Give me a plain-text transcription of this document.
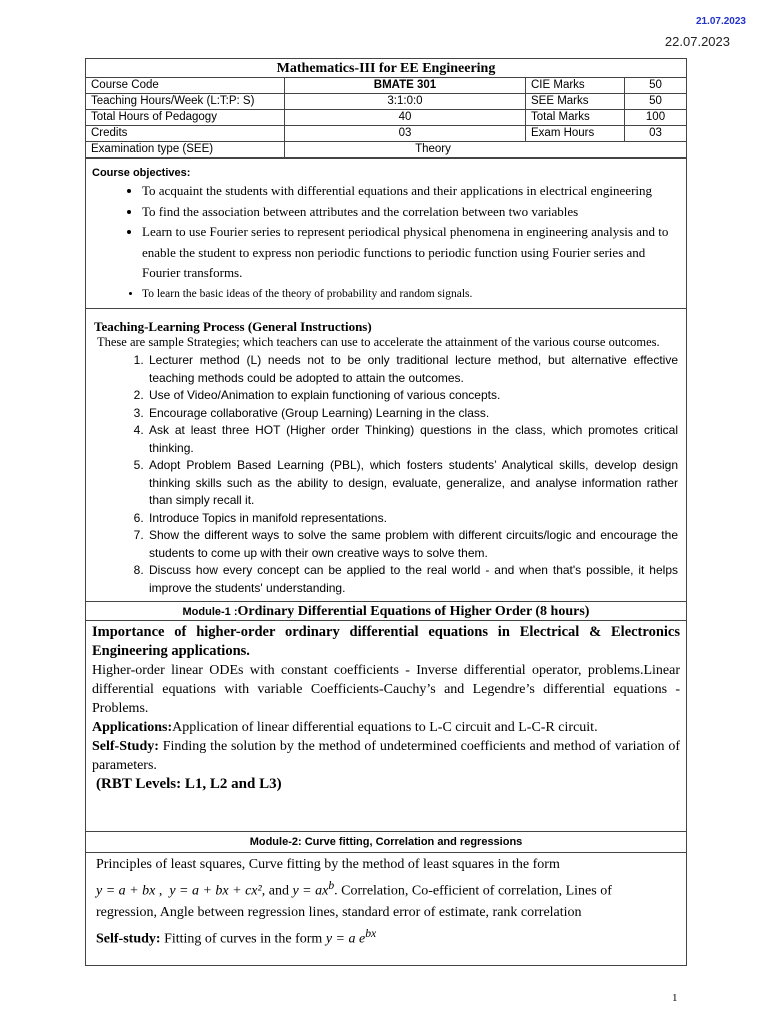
21.07.2023
22.07.2023
Mathematics-III for EE Engineering			
Course Code	BMATE 301	CIE Marks	50
Teaching Hours/Week (L:T:P: S)	3:1:0:0	SEE Marks	50
Total Hours of Pedagogy	40	Total Marks	100
Credits	03	Exam Hours	03
Examination type (SEE)	Theory		
Course objectives:
• To acquaint the students with differential equations and their applications in electrical engineering
• To find the association between attributes and the correlation between two variables
• Learn to use Fourier series to represent periodical physical phenomena in engineering analysis and to enable the student to express non periodic functions to periodic function using Fourier series and Fourier transforms.
• To learn the basic ideas of the theory of probability and random signals.
Teaching-Learning Process (General Instructions)
These are sample Strategies; which teachers can use to accelerate the attainment of the various course outcomes.
1. Lecturer method (L) needs not to be only traditional lecture method, but alternative effective teaching methods could be adopted to attain the outcomes.
2. Use of Video/Animation to explain functioning of various concepts.
3. Encourage collaborative (Group Learning) Learning in the class.
4. Ask at least three HOT (Higher order Thinking) questions in the class, which promotes critical thinking.
5. Adopt Problem Based Learning (PBL), which fosters students’ Analytical skills, develop design thinking skills such as the ability to design, evaluate, generalize, and analyse information rather than simply recall it.
6. Introduce Topics in manifold representations.
7. Show the different ways to solve the same problem with different circuits/logic and encourage the students to come up with their own creative ways to solve them.
8. Discuss how every concept can be applied to the real world - and when that's possible, it helps improve the students' understanding.
Module-1 :Ordinary Differential Equations of Higher Order (8 hours)

Importance of higher-order ordinary differential equations in Electrical & Electronics Engineering applications.

Higher-order linear ODEs with constant coefficients - Inverse differential operator, problems.Linear differential equations with variable Coefficients-Cauchy’s and Legendre’s differential equations - Problems.

Applications:Application of linear differential equations to L-C circuit and L-C-R circuit.

Self-Study: Finding the solution by the method of undetermined coefficients and method of variation of parameters.

(RBT Levels: L1, L2 and L3)

Module-2: Curve fitting, Correlation and regressions

Principles of least squares, Curve fitting by the method of least squares in the form

y = a + bx ,  y = a + bx + cx², and $y = ax^b$. Correlation, Co-efficient of correlation, Lines of regression, Angle between regression lines, standard error of estimate, rank correlation

Self-study: Fitting of curves in the form y = a $e^{bx}$

1
